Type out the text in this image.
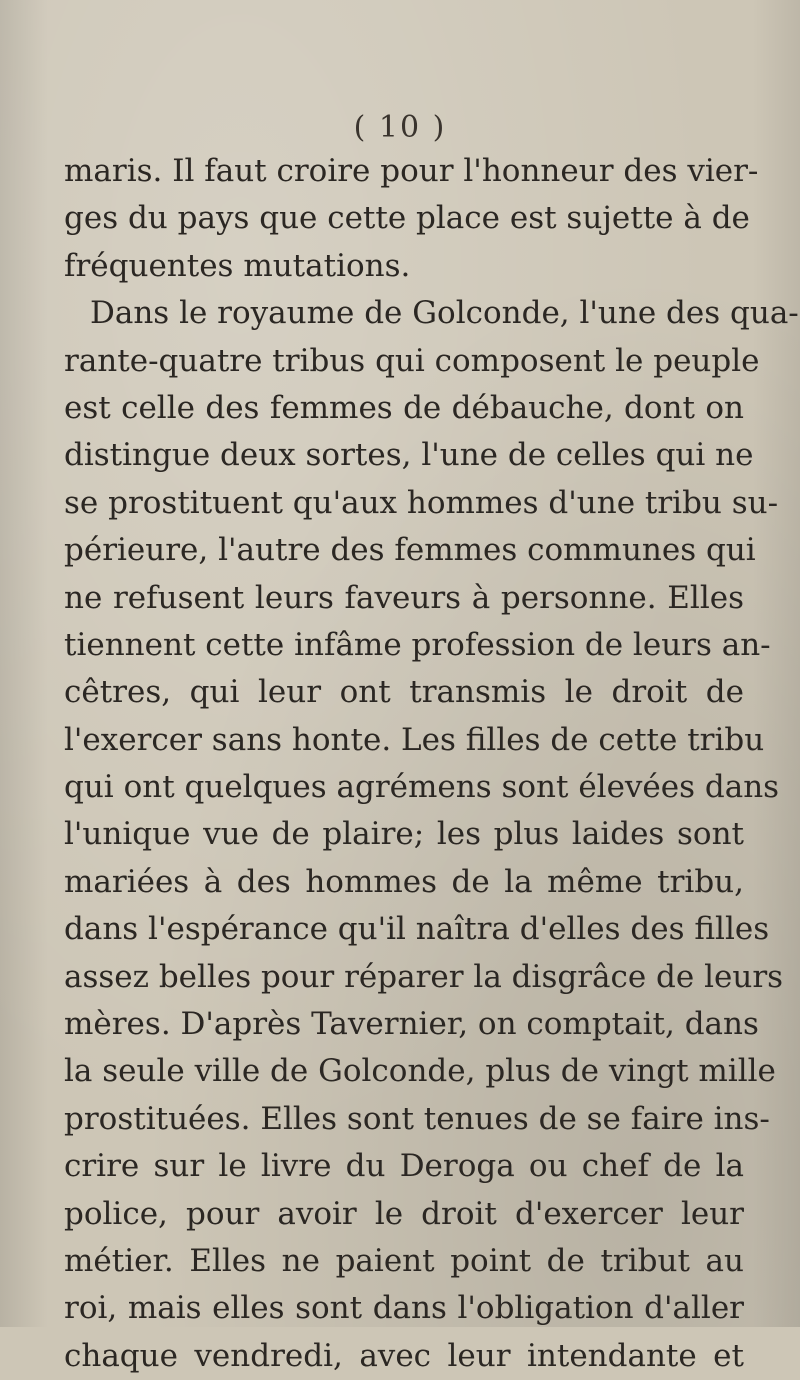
( 10 )
maris. Il faut croire pour l'honneur des vier-
ges du pays que cette place est sujette à de
fréquentes mutations.
Dans le royaume de Golconde, l'une des qua-
rante-quatre tribus qui composent le peuple
est celle des femmes de débauche, dont on
distingue deux sortes, l'une de celles qui ne
se prostituent qu'aux hommes d'une tribu su-
périeure, l'autre des femmes communes qui
ne refusent leurs faveurs à personne. Elles
tiennent cette infâme profession de leurs an-
cêtres, qui leur ont transmis le droit de
l'exercer sans honte. Les filles de cette tribu
qui ont quelques agrémens sont élevées dans
l'unique vue de plaire; les plus laides sont
mariées à des hommes de la même tribu,
dans l'espérance qu'il naîtra d'elles des filles
assez belles pour réparer la disgrâce de leurs
mères. D'après Tavernier, on comptait, dans
la seule ville de Golconde, plus de vingt mille
prostituées. Elles sont tenues de se faire ins-
crire sur le livre du Deroga ou chef de la
police, pour avoir le droit d'exercer leur
métier. Elles ne paient point de tribut au
roi, mais elles sont dans l'obligation d'aller
chaque vendredi, avec leur intendante et
